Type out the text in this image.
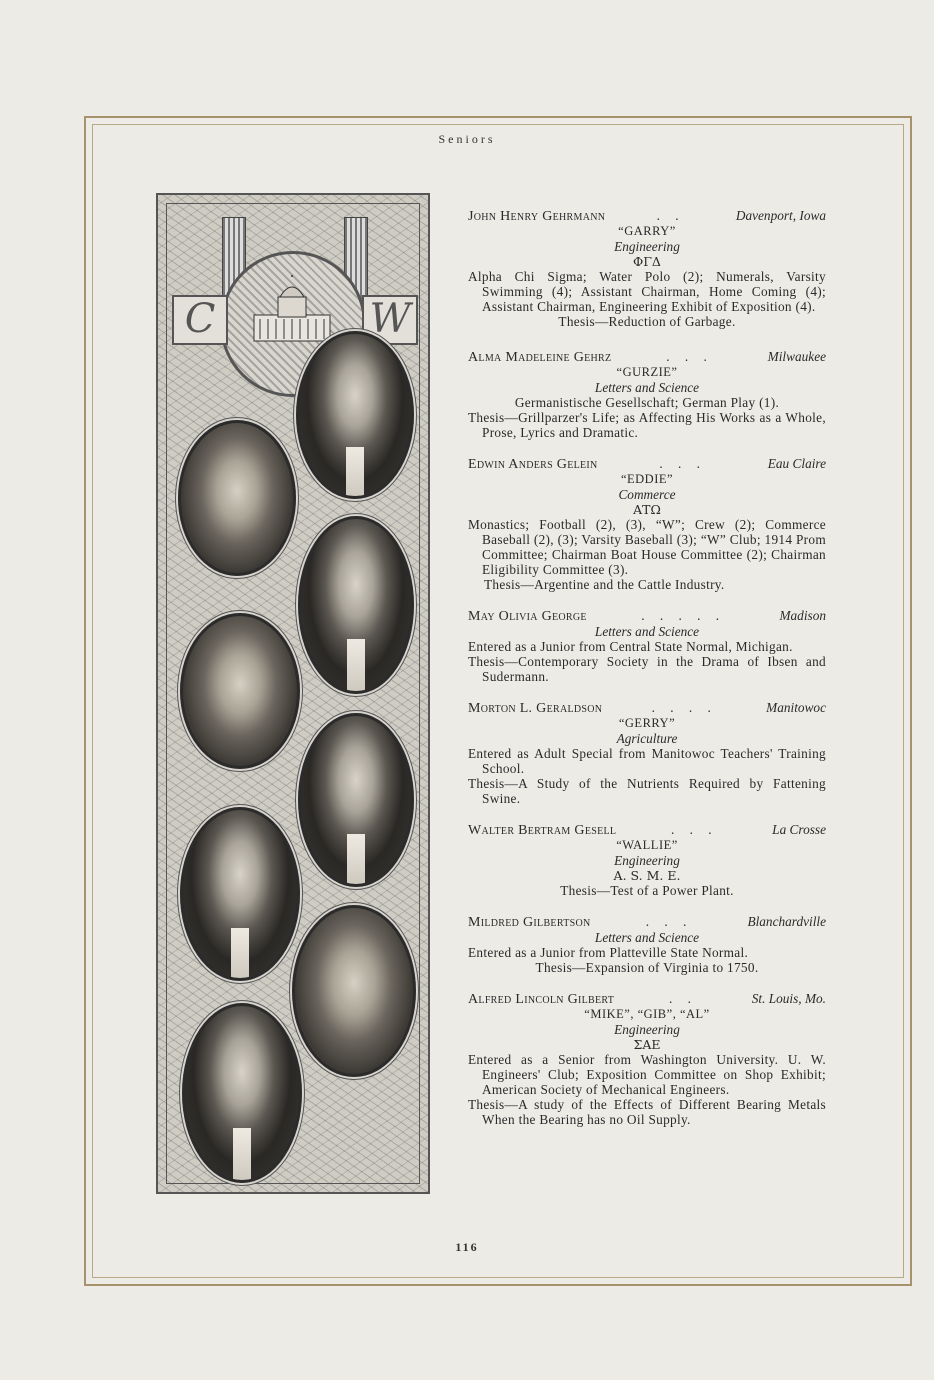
Seniors
C	W
John Henry Gehrmann	. .	Davenport, Iowa
“GARRY”
Engineering
ΦΓΔ
Alpha Chi Sigma; Water Polo (2); Numerals, Varsity Swimming (4); Assistant Chairman, Home Coming (4); Assistant Chairman, Engineering Exhibit of Exposition (4).
Thesis—Reduction of Garbage.
Alma Madeleine Gehrz	. . .	Milwaukee
“GURZIE”
Letters and Science
Germanistische Gesellschaft; German Play (1).
Thesis—Grillparzer's Life; as Affecting His Works as a Whole, Prose, Lyrics and Dramatic.
Edwin Anders Gelein	. . .	Eau Claire
“EDDIE”
Commerce
ΑΤΩ
Monastics; Football (2), (3), “W”; Crew (2); Commerce Baseball (2), (3); Varsity Baseball (3); “W” Club; 1914 Prom Committee; Chairman Boat House Committee (2); Chairman Eligibility Committee (3).
Thesis—Argentine and the Cattle Industry.
May Olivia George	. . . . .	Madison
Letters and Science
Entered as a Junior from Central State Normal, Michigan.
Thesis—Contemporary Society in the Drama of Ibsen and Sudermann.
Morton L. Geraldson	. . . .	Manitowoc
“GERRY”
Agriculture
Entered as Adult Special from Manitowoc Teachers' Training School.
Thesis—A Study of the Nutrients Required by Fattening Swine.
Walter Bertram Gesell	. . .	La Crosse
“WALLIE”
Engineering
A. S. M. E.
Thesis—Test of a Power Plant.
Mildred Gilbertson	. . .	Blanchardville
Letters and Science
Entered as a Junior from Platteville State Normal.
Thesis—Expansion of Virginia to 1750.
Alfred Lincoln Gilbert	. .	St. Louis, Mo.
“MIKE”, “GIB”, “AL”
Engineering
ΣΑΕ
Entered as a Senior from Washington University. U. W. Engineers' Club; Exposition Committee on Shop Exhibit; American Society of Mechanical Engineers.
Thesis—A study of the Effects of Different Bearing Metals When the Bearing has no Oil Supply.
116
